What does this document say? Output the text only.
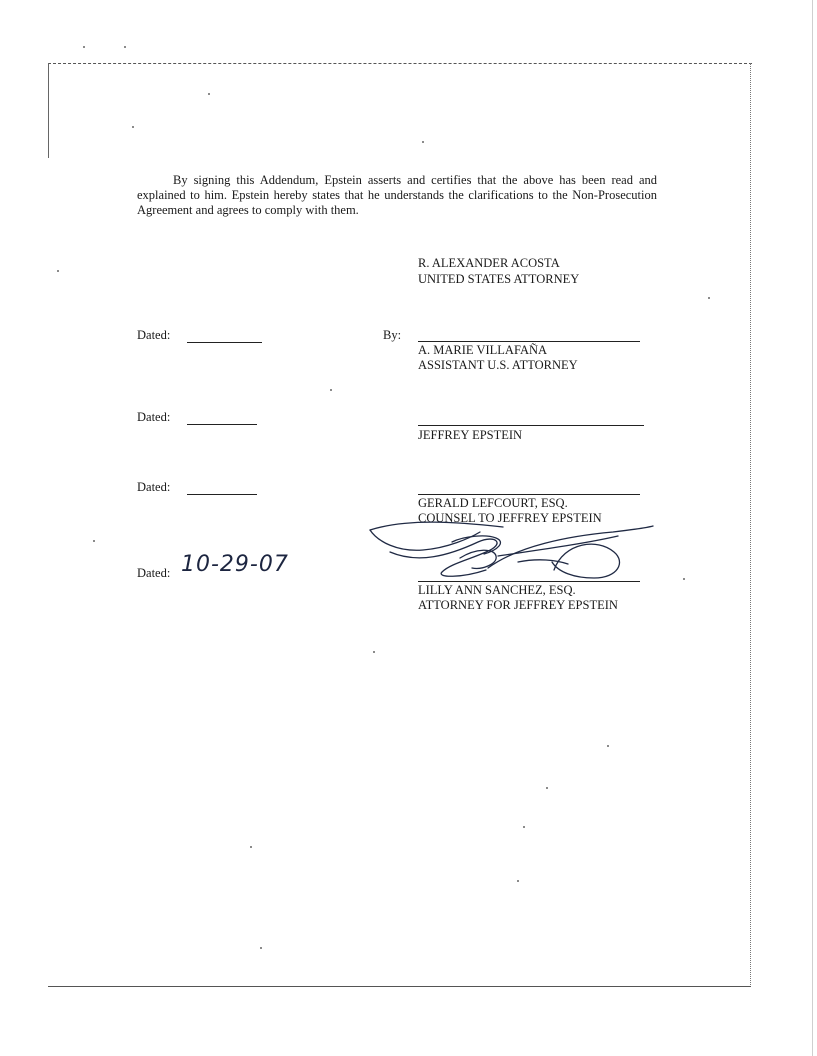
By signing this Addendum, Epstein asserts and certifies that the above has been read and explained to him. Epstein hereby states that he understands the clarifications to the Non-Prosecution Agreement and agrees to comply with them.

R. ALEXANDER ACOSTA
UNITED STATES ATTORNEY
Dated:	By:
A. MARIE VILLAFAÑA
ASSISTANT U.S. ATTORNEY
Dated:
JEFFREY EPSTEIN
Dated:
GERALD LEFCOURT, ESQ.
COUNSEL TO JEFFREY EPSTEIN
Dated: 10-29-07
LILLY ANN SANCHEZ, ESQ.
ATTORNEY FOR JEFFREY EPSTEIN
